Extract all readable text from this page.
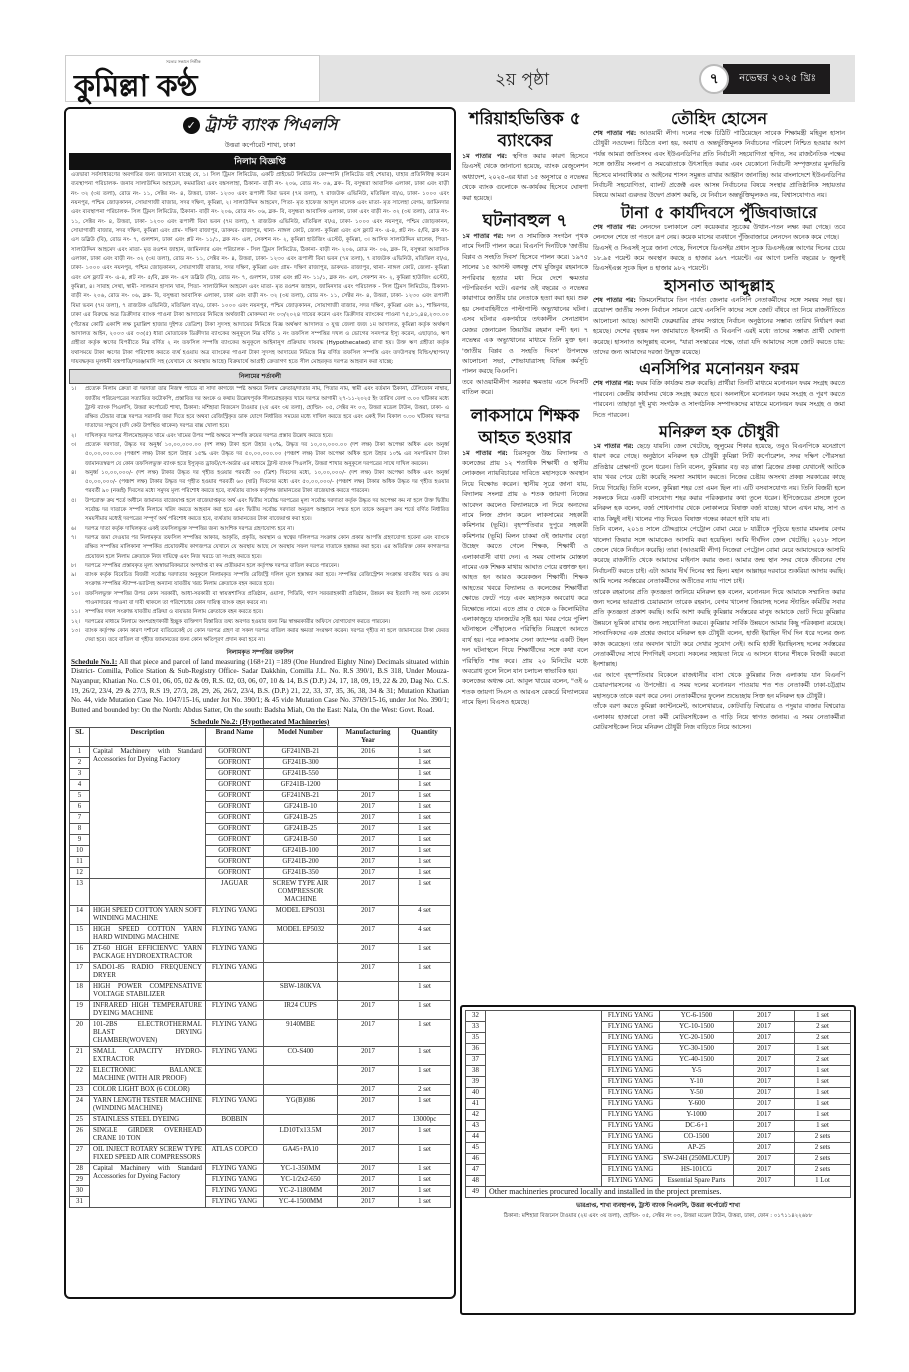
সত্যের সন্ধানে নির্ভীক
কুমিল্লা কণ্ঠ	২য় পৃষ্ঠা	৭	নভেম্বর ২০২৫ খ্রিঃ
✓ ট্রাস্ট ব্যাংক পিএলসি
উত্তরা কর্পোরেট শাখা, ঢাকা
নিলাম বিজ্ঞপ্তি
এতদ্বারা সর্বসাধারণের অবগতির জন্য জানানো যাচ্ছে যে, ১। সিল ট্রিমস লিমিটেড, একটি প্রাইভেট লিমিটেড কোম্পানি (লিমিটেড বাই শেয়ার), যাহার প্রতিনিধিত্ব করেন ব্যবস্থাপনা পরিচালক- জনাব সালাউদ্দিন আহমেদ, কমমারিয়া এবং বঙ্কসলাহা, ঠিকানা- বাড়ী নং- ২০৬, রোড নং- ০৬, ব্লক- বি, বসুন্ধরা আবাসিক এলাকা, ঢাকা এবং বাড়ী নং- ৩২ (৩য় তলা), রোড নং- ১১, সেক্টর নং- ৪, উত্তরা, ঢাকা- ১২৩০ এবং রূপালী বিমা ভবন (৭ম তলা), ৭ রাজউক এভিনিউ, মতিঝিল বা/এ, ঢাকা- ১০০০ এবং নয়নপুর, পশ্চিম জোড়কানন, সোয়াগাজী বাজার, সদর দক্ষিণ, কুমিল্লা, ২। সালাউদ্দিন আহমেদ, পিতা- মৃত হাফেজ আব্দুল মালেক এবং মাতা- মৃত সালেহা বেগম, জামিনদার এবং ব্যবস্থাপনা পরিচালক- সিল ট্রিমস লিমিটেড, ঠিকানা- বাড়ী নং- ২০৬, রোড নং- ০৬, ব্লক- বি, বসুন্ধরা আবাসিক এলাকা, ঢাকা এবং বাড়ী নং- ৩২ (৩য় তলা), রোড নং- ১১, সেক্টর নং- ৪, উত্তরা, ঢাকা- ১২৩০ এবং রূপালী বিমা ভবন (৭ম তলা), ৭ রাজউক এভিনিউ, মতিঝিল বা/এ, ঢাকা- ১০০০ এবং নয়নপুর, পশ্চিম জোড়কানন, সোয়াগাজী বাজার, সদর দক্ষিণ, কুমিল্লা এবং গ্রাম- দক্ষিণ রাজাপুর, ডাকঘর- রাজাপুর, থানা- নাঙ্গল কোট, জেলা- কুমিল্লা এবং এস ফ্ল্যাট নং- এ-৪, প্লট নং- ৫/বি, ব্লক নং- এস ডব্লিউ (বি), রোড নং- ৭, গুলশান, ঢাকা এবং প্লট নং- ১১/১, ব্লক নং- এল, সেকশন নং- ২, কুমিল্লা হাউজিং এস্টেট, কুমিল্লা, ৩। আসিফ সালাউদ্দিন মালেক, পিতা- সালাউদ্দিন আহমেদ এবং মাতা- মৃত রওশন জাহান, জামিনদার এবং পরিচালক - সিল ট্রিমস লিমিটেড, ঠিকানা- বাড়ী নং- ২০৬, রোড নং- ০৬, ব্লক- বি, বসুন্ধরা আবাসিক এলাকা, ঢাকা এবং বাড়ী নং- ৩২ (৩য় তলা), রোড নং- ১১, সেক্টর নং- ৪, উত্তরা, ঢাকা- ১২৩০ এবং রূপালী বিমা ভবন (৭ম তলা), ৭ রাজউক এভিনিউ, মতিঝিল বা/এ, ঢাকা- ১০০০ এবং নয়নপুর, পশ্চিম জোড়কানন, সোয়াগাজী বাজার, সদর দক্ষিণ, কুমিল্লা এবং গ্রাম- দক্ষিণ রাজাপুর, ডাকঘর- রাজাপুর, থানা- নাঙ্গল কোট, জেলা- কুমিল্লা এবং এস ফ্ল্যাট নং- এ-৪, প্লট নং- ৫/বি, ব্লক নং- এস ডব্লিউ (বি), রোড নং- ৭, গুলশান, ঢাকা এবং প্লট নং- ১১/১, ব্লক নং- এল, সেকশন নং- ২, কুমিল্লা হাউজিং এস্টেট, কুমিল্লা, ৪। সাবাহ সেথা, স্বামী- সালমান হাসান খান, পিতা- সালাউদ্দিন আহমেদ এবং মাতা- মৃত রওশন জাহান, জামিনদার এবং পরিচালক - সিল ট্রিমস লিমিটেড, ঠিকানা- বাড়ী নং- ২০৬, রোড নং- ০৬, ব্লক- বি, বসুন্ধরা আবাসিক এলাকা, ঢাকা এবং বাড়ী নং- ৩২ (৩য় তলা), রোড নং- ১১, সেক্টর নং- ৪, উত্তরা, ঢাকা- ১২৩০ এবং রূপালী বিমা ভবন (৭ম তলা), ৭ রাজউক এভিনিউ, মতিঝিল বা/এ, ঢাকা- ১০০০ এবং নয়নপুর, পশ্চিম জোড়কানন, সোয়াগাজী বাজার, সদর দক্ষিণ, কুমিল্লা এবং ৯১, শান্তিনগর, ঢাকা এর বিরুদ্ধে অত্র ডিক্রীদার ব্যাংক পাওনা টাকা আদায়ের নিমিত্তে অর্থজারী মোকদ্দমা নং ০৩/২০২৪ দায়ের করেন এবং ডিক্রীদার ব্যাংকের পাওনা ৭৫,৮১,৪৪,২৩৩.০০ (পঁচাত্তর কোটি একাশি লক্ষ চুয়াল্লিশ হাজার দুইশত তেত্রিশ) টাকা সুদসহ আদায়ের নিমিত্তে বিজ্ঞ অর্থঋণ আদালত ৩ যুগ্ম জেলা জজ ১ম আদালত, কুমিল্লা কর্তৃক অর্থঋণ আদালত আইন, ২০০৩ এর ৩৩(৫) ধারা মোতাবেক ডিক্রীদার ব্যাংকের অনুকূলে নিম্ন বর্ণিত ১ নং তফসিল সম্পত্তির দখল ও ভোগের সনদপত্র ইস্যু করেন, এছাড়াও, ঋণ গ্রহীতা কর্তৃক ঋণের বিপরীতে নিম্ন বর্ণিত ২ নং তফসিল সম্পত্তি ব্যাংকের অনুকূলে আইনানুগ প্রক্রিয়ায় দায়বদ্ধ (Hypothecated) রাখা হয়। উক্ত ঋণ গ্রহীতা কর্তৃক যথাসময়ে টাকা ঋণের টাকা পরিশোধ করতে ব্যর্থ হওয়ায় অত্র ব্যাংকের পাওনা টাকা সুদসহ আদায়ের নিমিত্তে নিম্ন বর্ণিত তফসিল সম্পত্তি এবং তদউপরস্থ বিল্ডিং/স্থাপনা/দায়বদ্ধকৃত মূলধনী যন্ত্রপাতি/সরঞ্জামাদি সহ (যেখানে যে অবস্থায় আছে) বিক্রয়ার্থে আগ্রহী ক্রেতাগণ হতে সীল মোহরকৃত দরপত্র আহবান করা যাচ্ছে:
নিলামের শর্তাবলী
১।	প্রত্যেক নিলাম ক্রেতা বা দরদাতা তার নিজস্ব প্যাডে বা সাদা কাগজে স্পষ্ট অক্ষরে নিলাম ক্রেতার/দাতার নাম, পিতার নাম, স্বামী এবং বর্তমান ঠিকানা, টেলিফোন নাম্বার, জাতীয় পরিচয়পত্রের সত্যায়িত ফটোকপি, প্রস্তাবিত দর অংকে ও কথায় উল্লেখপূর্বক সীলমোহরকৃত খামে দরপত্র আগামী ২৭-১১-২০২৫ ইং তারিখ বেলা ৩.০০ ঘটিকার মধ্যে ট্রাস্ট ব্যাংক পিএলসি, উত্তরা কর্পোরেট শাখা, ঠিকানা: মশিহারা বিজনেস টাওয়ার (২য় এবং ৩য় তলা), হোল্ডিং- ০৫, সেক্টর নং ০৩, উত্তরা মডেল টাউন, উত্তরা, ঢাকা- এ রক্ষিত টেন্ডার বাক্সে দরপত্র সরাসরি জমা দিতে হবে অথবা রেজিস্ট্রিকৃত ডাক যোগে নির্ধারিত সময়ের মধ্যে দাখিল করতে হবে এবং একই দিন বিকাল ৩.৩০ ঘটিকায় দরপত্র দাতাদের সম্মুখে (যদি কেউ উপস্থিত থাকেন) দরপত্র বাক্স খোলা হবে।
২।	দাখিলকৃত দরপত্র সীলমোহরকৃত খামে এবং খামের উপর স্পষ্ট অক্ষরে সম্পত্তি ক্রয়ের দরপত্র প্রস্তাব উল্লেখ করতে হবে।
৩।	প্রত্যেক দরদাতা, উদ্ধৃত দর অনুর্ধ্ব ১০,০০,০০০.০০ (দশ লক্ষ) টাকা হলে উহার ২০%, উদ্ধৃত দর ১০,০০,০০০.০০ (দশ লক্ষ) টাকা অপেক্ষা অধিক এবং অনুর্ধ্ব ৫০,০০,০০০.০০ (পঞ্চাশ লক্ষ) টাকা হলে উহার ১৫% এবং উদ্ধৃত দর ৫০,০০,০০০.০০ (পঞ্চাশ লক্ষ) টাকা অপেক্ষা অধিক হলে উহার ১০% এর সমপরিমাণ টাকা জামানতস্বরূপ যে কোন তফসিলভুক্ত ব্যাংক হতে ইস্যুকৃত ড্রাফট/পে-অর্ডার এর মাধ্যমে ট্রাস্ট ব্যাংক পিএলসি, উত্তরা শাখার অনুকূলে দরপত্রের সাথে দাখিল করবেন।
৪।	অনুর্ধ্ব ১০,০০,০০০/- (দশ লক্ষ) টাকার উদ্ধৃত দর গৃহীত হওয়ার পরবর্তী ৩০ (ত্রিশ) দিবসের মধ্যে, ১০,০০,০০০/- (দশ লক্ষ) টাকা অপেক্ষা অধিক এবং অনুর্ধ্ব ৫০,০০,০০০/- (পঞ্চাশ লক্ষ) টাকার উদ্ধৃত দর গৃহীত হওয়ার পরবর্তী ৬০ (ষাট) দিবসের মধ্যে এবং ৫০,০০,০০০/- (পঞ্চাশ লক্ষ) টাকার অধিক উদ্ধৃত দর গৃহীত হওয়ার পরবর্তী ৯০ (নব্বই) দিবসের মধ্যে সমুদয় মূল্য পরিশোধ করতে হবে, ব্যর্থতায় ব্যাংক কর্তৃপক্ষ জামানতের টাকা বাজেয়াপ্ত করতে পারবেন।
৫।	উপরোক্ত ক্রয় শর্তে অধীনে জামানত বাজেয়াপ্ত হলে বাজেয়াপ্তকৃত অর্থ এবং দ্বিতীয় সর্বোচ্চ দরপত্রের মূল্য সর্বোচ্চ দরদাতা কর্তৃক উদ্ধৃত দর অপেক্ষা কম না হলে উক্ত দ্বিতীয় সর্বোচ্চ দর দাতাকে সম্পত্তি নিলামে খরিদ করতে আহবান করা হবে এবং দ্বিতীয় সর্বোচ্চ দরদাতা অনুরূপ আহ্বানে সম্মত হলে তাকে অনুরূপ ক্রয় শর্তে বর্ণিত নির্ধারিত সময়সীমার মধ্যেই দরপত্রের সম্পূর্ণ অর্থ পরিশোধ করতে হবে, ব্যর্থতায় জামানতের টাকা বাজেয়াপ্ত করা হবে।
৬।	দরপত্র দাতা কর্তৃক দাখিলকৃত একই তফসিলভুক্ত সম্পত্তির জন্য আংশিক দরপত্র গ্রহণযোগ্য হবে না।
৭।	দরপত্র জমা দেওয়ার পর নিলামকৃত তফসিল সম্পত্তির আকার, আকৃতি, প্রকৃতি, অবস্থান ও স্বত্বের দলিলপত্র সংক্রান্ত কোন প্রকার আপত্তি গ্রহণযোগ্য হবেনা এবং ব্যাংকে রক্ষিত সম্পত্তির মালিকানা সম্পর্কিত প্রয়োজনীয় কাগজপত্র যেখানে যে অবস্থায় আছে সে অবস্থায় সফল দরপত্র দাতাকে হস্তান্তর করা হবে। এর অতিরিক্ত কোন কাগজপত্র প্রয়োজন হলে নিলাম ক্রেতাকে নিজ দায়িত্বে এবং নিজ খরচে তা সংগ্রহ করতে হবে।
৮।	দরপত্রে সম্পত্তির প্রস্তাবকৃত মূল্য অস্বাভাবিকভাবে অপর্যাপ্ত বা কম প্রতীয়মান হলে কর্তৃপক্ষ দরপত্র বাতিল করতে পারবেন।
৯।	ব্যাংক কর্তৃক বিবেচিত বিজয়ী সর্বোচ্চ দরদাতার অনুকূলে নিলামকৃত সম্পত্তি রেজিস্ট্রি দলিল মূলে হস্তান্তর করা হবে। সম্পত্তির রেজিস্ট্রেশন সংক্রান্ত যাবতীয় খরচ ও ক্রয় সংক্রান্ত সম্পত্তির স্ট্যাম্প-ভ্যাটসহ অন্যান্য যাবতীয় খরচ নিলাম ক্রেতাকে বহন করতে হবে।
১০। তফসিলভুক্ত সম্পত্তির উপর কোন সরকারী, আধা-সরকারী বা স্বায়ত্তশাসিত প্রতিষ্ঠান, ওয়াসা, পিডিবি, গ্যাস সরবরাহকারী প্রতিষ্ঠান, উন্নয়ন কর ইত্যাদি সহ অন্য যেকোন পাওনাদারের পাওনা বা দাবী থাকলে তা পরিশোধের কোন দায়িত্ব ব্যাংক বহন করবে না।
১১। সম্পত্তির দখল সংক্রান্ত যাবতীয় প্রক্রিয়া ও ব্যয়ভার নিলাম ক্রেতাকে বহন করতে হবে।
১২। দরপত্রের মাধ্যমে নিলামে অংশগ্রহণকারী ইচ্ছুক ব্যক্তিগণ বিস্তারিত তথ্য অবগত হওয়ার জন্য নিম্ন স্বাক্ষরকারীর অফিসে যোগাযোগ করতে পারবেন।
১৩। ব্যাংক কর্তৃপক্ষ কোন কারণ দর্শানো ব্যতিরেকেই যে কোন দরপত্র গ্রহণ বা সকল দরপত্র বাতিল করার ক্ষমতা সংরক্ষণ করেন। দরপত্র গৃহীত না হলে জামানতের টাকা ফেরত দেয়া হবে। তবে বাতিল বা গৃহীত জামানতের জন্য কোন ক্ষতিপূরণ প্রদান করা হবে না।
নিলামকৃত সম্পত্তির তফসিল
Schedule No.1: All that piece and parcel of land measuring (168+21) =189 (One Hundred Eighty Nine) Decimals situated within District- Comilla, Police Station & Sub-Registry Office- Sadar Dakkhin, Comilla J.L. No. R.S 390/1, B.S 318, Under Mouza- Nayanpur, Khatian No. C.S 01, 06, 05, 02 & 09, R.S. 02, 03, 06, 07, 10 & 14, B.S (D.P.) 24, 17, 18, 09, 19, 22 & 20, Dag No. C.S. 19, 26/2, 23/4, 29 & 27/3, R.S 19, 27/3, 28, 29, 26, 26/2, 23/4, B.S. (D.P.) 21, 22, 33, 37, 35, 36, 38, 34 & 31; Mutation Khatian No. 44, vide Mutation Case No. 1047/15-16, under Jot No. 390/1; & 45 vide Mutation Case No. 3769/15-16, under Jot No. 390/1; Butted and bounded by: On the North: Abdus Satter, On the south: Badsha Miah, On the East: Nala, On the West: Govt. Road.
Schedule No.2: (Hypothecated Machineries)
SL	Description	Brand Name	Model Number	Manufacturing Year	Quantity
1	Capital Machinery with Standard Accessories for Dyeing Factory	GOFRONT	GF241NB-21	2016	1 set
2		GOFRONT	GF241B-300		1 set
3		GOFRONT	GF241B-550		1 set
4		GOFRONT	GF241B-1200		1 set
5		GOFRONT	GF241NB-21	2017	1 set
6		GOFRONT	GF241B-10	2017	1 set
7		GOFRONT	GF241B-25	2017	1 set
8		GOFRONT	GF241B-25	2017	1 set
9		GOFRONT	GF241B-50	2017	1 set
10		GOFRONT	GF241B-100	2017	1 set
11		GOFRONT	GF241B-200	2017	1 set
12		GOFRONT	GF241B-350	2017	1 set
13		JAGUAR	SCREW TYPE AIR COMPRESSOR MACHINE	2017	1 set
14	HIGH SPEED COTTON YARN SOFT WINDING MACHINE	FLYING YANG	MODEL EPSO31	2017	4 set
15	HIGH SPEED COTTON YARN HARD WINDING MACHINE	FLYING YANG	MODEL EP5032	2017	4 set
16	ZT-60 HIGH EFFICIENVC YARN PACKAGE HYDROEXTRACTOR	FLYING YANG		2017	1 set
17	SADO1-85 RADIO FREQUENCY DRYER	FLYING YANG		2017	1 set
18	HIGH POWER COMPENSATIVE VOLTAGE STABILIZER		SBW-180KVA		1 set
19	INFRARED HIGH TEMPERATURE DYEING MACHINE	FLYING YANG	IR24 CUPS	2017	1 set
20	101-2BS ELECTROTHERMAL BLAST DRYING CHAMBER(WOVEN)	FLYING YANG	9140MBE	2017	1 set
21	SMALL CAPACITY HYDRO-EXTRACTOR	FLYING YANG	CO-S400	2017	1 set
22	ELECTRONIC BALANCE MACHINE (WITH AIR PROOF)			2017	1 set
23	COLOR LIGHT BOX (6 COLOR)			2017	2 set
24	YARN LENGTH TESTER MACHINE (WINDING MACHINE)	FLYING YANG	YG(B)086	2017	1 set
25	STAINLESS STEEL DYEING	BOBBIN		2017	13000pc
26	SINGLE GIRDER OVERHEAD CRANE 10 TON		LD10Tx13.5M	2017	1 set
27	OIL INJECT ROTARY SCREW TYPE FIXED SPEED AIR COMPRESSORS	ATLAS COPCO	GA45+PA10	2017	1 set
28	Capital Machinery with Standard Accessories for Dyeing Factory	FLYING YANG	YC-1-350MM	2017	1 set
29		FLYING YANG	YC-1/2x2-650	2017	1 set
30		FLYING YANG	YC-2-1180MM	2017	1 set
31		FLYING YANG	YC-4-1500MM	2017	1 set
শরিয়াহভিত্তিক ৫ ব্যাংকের
১ম পাতার পর: স্থগিত করার কারণ হিসেবে ডিএসই থেকে জানানো হয়েছে, ব্যাংক রেজুলেশন অধ্যাদেশ, ২০২৫-এর ধারা ১৫ অনুসারে ৫ নভেম্বর থেকে ব্যাংক গুলোকে অ-কার্যকর হিসেবে ঘোষণা করা হয়েছে।
ঘটনাবহুল ৭
১ম পাতার পর: দল ও সামাজিক সংগঠন পৃথক নামে দিনটি পালন করে। বিএনপি দিনটিকে 'জাতীয় বিপ্লব ও সংহতি দিবস' হিসেবে পালন করে। ১৯৭৫ সালের ১৫ আগস্ট বঙ্গবন্ধু শেখ মুজিবুর রহমানকে সপরিবার হত্যার মধ্য দিয়ে দেশে ক্ষমতার পটপরিবর্তন ঘটে। এরপর ওই বছরের ৩ নভেম্বর কারাগারে জাতীয় চার নেতাকে হত্যা করা হয়। শুরু হয় সেনাবাহিনীতে পাল্টাপাল্টি অভ্যুত্থানের ঘটনা। এসব ঘটনার একপর্যায়ে তৎকালীন সেনাপ্রধান মেজর জেনারেল জিয়াউর রহমান বন্দী হন। ৭ নভেম্বর এক অভ্যুত্থানের মাধ্যমে তিনি মুক্ত হন। 'জাতীয় বিপ্লব ও সংহতি দিবস' উপলক্ষে আলোচনা সভা, শোভাযাত্রাসহ বিভিন্ন কর্মসূচি পালন করছে বিএনপি।
তবে আওয়ামীলীগ সরকার ক্ষমতায় এসে দিবসটি বাতিল করে।
লাকসামে শিক্ষক আহত হওয়ার
১ম পাতার পর: চিরসবুজ উচ্চ বিদ্যালয় ও কলেজের প্রায় ১২ শতাধিক শিক্ষার্থী ও স্থানীয় লোকজন ন্যায়বিচারের দাবিতে মহাসড়কে অবস্থান নিয়ে বিক্ষোভ করেন। স্থানীয় সূত্রে জানা যায়, বিদ্যালয় সংলগ্ন প্রায় ৬ শতক জায়গা নিজের আবেদন করলেও বিদ্যালয়কে না দিয়ে অন্যদের নামে লিজ প্রদান করেন লাকসামের সহকারী কমিশনার (ভূমি)। বৃহস্পতিবার দুপুরে সহকারী কমিশনার (ভূমি) মিলন চাকমা ওই জায়গার বেড়া উচ্ছেদ করতে গেলে শিক্ষক, শিক্ষার্থী ও এলাকাবাসী বাধা দেন। এ সময় গোলাম মোস্তফা নামের এক শিক্ষক মাথায় আঘাত পেয়ে রক্তাক্ত হন। আহত হন আরও কয়েকজন শিক্ষার্থী। শিক্ষক আহতের খবরে বিদ্যালয় ও কলেজের শিক্ষার্থীরা ক্ষোভে ফেটে পড়ে এবং মহাসড়ক অবরোধ করে বিক্ষোভে নামে। এতে প্রায় ৫ থেকে ৬ কিলোমিটার এলাকাজুড়ে যানজটের সৃষ্টি হয়। খবর পেয়ে পুলিশ ঘটনাস্থলে পৌঁছালেও পরিস্থিতি নিয়ন্ত্রণে আনতে ব্যর্থ হয়। পরে লাকসাম সেনা ক্যাম্পের একটি টহল দল ঘটনাস্থলে গিয়ে শিক্ষার্থীদের সঙ্গে কথা বলে পরিস্থিতি শান্ত করে। প্রায় ২০ মিনিটের মধ্যে অবরোধ তুলে নিলে যান চলাচল স্বাভাবিক হয়।
কলেজের অধ্যক্ষ মো. আবুল খায়ের বলেন, "ওই ৬ শতক জায়গা সিএস ও আরএস রেকর্ডে বিদ্যালয়ের নামে ছিল। বিএসও হয়েছে।
তৌহিদ হোসেন
শেষ পাতার পর: আওয়ামী লীগ। দলের পক্ষে চিঠিটি পাঠিয়েছেন সাবেক শিক্ষামন্ত্রী মহিবুল হাসান চৌধুরী নওফেল। চিঠিতে বলা হয়, অবাধ ও অন্তর্ভুক্তিমূলক নির্বাচনের পরিবেশ নিশ্চিত হওয়ার আগ পর্যন্ত আমরা জাতিসংঘ এবং ইউএনডিপির প্রতি নির্বাচনী সহযোগিতা স্থগিত, সব রাজনৈতিক পক্ষের সঙ্গে জাতীয় সংলাপ ও সমঝোতাকে উৎসাহিত করার এবং যেকোনো নির্বাচনী সম্পৃক্ততার মূলভিত্তি হিসেবে মানবাধিকার ও আইনের শাসন সমুন্নত রাখার আহ্বান জানাচ্ছি। আর বাংলাদেশে ইউএনডিপির নির্বাচনী সহযোগিতা, ব্যালট প্রজেক্ট এবং আসন্ন নির্বাচনের বিষয়ে সংস্থার প্রাতিষ্ঠানিক সহায়তার বিষয়ে আমরা গুরুতর উদ্বেগ প্রকাশ করছি, যে নির্বাচন অন্তর্ভুক্তিমূলকও নয়, বিশ্বাসযোগ্যও নয়।
টানা ৫ কার্যদিবসে পুঁজিবাজারে
শেষ পাতার পর: লেনদেন চলাকালে বেশ কয়েকবার সূচকের উত্থান-পতন লক্ষ্য করা গেছে। তবে লেনদেন শেষে তা পতনে রূপ নেয়। কয়েক মাসের ব্যবধানে পুঁজিবাজারে লেনদেন অনেক কমে গেছে।
ডিএসই ও সিএসই সূত্রে জানা গেছে, দিনশেষে ডিএসইর প্রধান সূচক ডিএসইএক্স আগের দিনের চেয়ে ১৮.৯৫ পয়েন্ট কমে অবস্থান করছে ৪ হাজার ৯৬৭ পয়েন্টে। এর আগে চলতি বছরের ৮ জুলাই ডিএসইএক্স সূচক ছিল ৪ হাজার ৯৮২ পয়েন্টে।
হাসনাত আব্দুল্লাহ
শেষ পাতার পর: জিমনেশিয়ামে তিন পার্বত্য জেলার এনসিপি নেতাকর্মীদের সঙ্গে সমন্বয় সভা হয়। ত্রয়োদশ জাতীয় সংসদ নির্বাচন সামনে রেখে এনসিপি কাদের সঙ্গে জোট বাঁধবে তা নিয়ে রাজনীতিতে আলোচনা আছে। আগামী ফেব্রুয়ারির প্রথম সপ্তাহে নির্বাচন অনুষ্ঠানের সম্ভাব্য তারিখ নির্ধারণ করা হয়েছে। দেশের বৃহত্তম দল জামায়াতে ইসলামী ও বিএনপি এরই মধ্যে তাদের সম্ভাব্য প্রার্থী ঘোষণা করেছে। হাসনাত আব্দুল্লাহ বলেন, "যারা সংস্কারের পক্ষে, তারা যদি আমাদের সঙ্গে জোট করতে চায়: তাদের জন্য আমাদের দরজা উন্মুক্ত রয়েছে।
এনসিপির মনোনয়ন ফরম
শেষ পাতার পর: ফরম বিক্রি কার্যক্রম শুরু করেছি। প্রার্থীরা তিনটি মাধ্যমে মনোনয়ন ফরম সংগ্রহ করতে পারবেন। কেন্দ্রীয় কার্যালয় থেকে সংগ্রহ করতে হবে। অনলাইনে মনোনয়ন ফরম সংগ্রহ ও পূরণ করতে পারবেন। তাছাড়া দুই মুখ্য সংগঠক ও সাংগঠনিক সম্পাদকদের মাধ্যমে মনোনয়ন ফরম সংগ্রহ ও জমা দিতে পারবেন।
মনিরুল হক চৌধুরী
১ম পাতার পর: ছেড়ে যায়নি। জেল খেটেছে, জুলুমের শিকার হয়েছে, তবুও বিএনপিকে মনেপ্রাণে ধারণ করে গেছে। অনুষ্ঠানে মনিরুল হক চৌধুরী কুমিল্লা সিটি কর্পোরেশন, সদর দক্ষিণ পৌরসভা প্রতিষ্ঠার প্রেক্ষাপট তুলে ধরেন। তিনি বলেন, কুমিল্লার বড় বড় রাস্তা ব্রিজের প্রকল্প যেখানেই আটকে যায় খবর পেয়ে চেষ্টা করেছি সমস্যা সমাধান করতে। নিজের চেষ্টায় অসংখ্য প্রকল্প সরকারের কাছে নিয়ে গিয়েছি। তিনি বলেন, কুমিল্লা শহর তো এমন ছিল না। এটি বসবাসযোগ্য নয়। তিনি বিজয়ী হলে সকলকে নিয়ে একটি বাসযোগ্য শহর করার পরিকল্পনার কথা তুলে ধরেন। ইপিজেডের প্রসঙ্গে তুলে মনিরুল হক বলেন, বর্জ্য শোধনাগার থেকে লোকালয়ে বিষাক্ত বর্জ্য যাচ্ছে। খালে এখন মাছ, সাপ ও ব্যাঙ কিছুই নাই। খালের পাড় দিয়েও বিষাক্ত গন্ধের কারণে হাটা যায় না।
তিনি বলেন, ২০১৪ সালে চৌদ্দগ্রামে পেট্রোল বোমা মেরে ৮ যাত্রীকে পুড়িয়ে হত্যার মামলায় বেগম খালেদা জিয়ার সঙ্গে আমাকেও আসামি করা হয়েছিল। আমি দীর্ঘদিন জেল খেটেছি। ২০১৮ সালে জেলে থেকে নির্বাচন করেছি। তারা (আওয়ামী লীগ) নিজেরা পেট্রোল বোমা মেরে আমাদেরকে আসামি করেছে রাজনীতি থেকে আমাদের মাইনাস করার জন্য। আমার জন্ম স্থান সদর থেকে জীবনের শেষ নির্বাচনটি করতে চাই। এটা আমার দীর্ঘ দিনের স্বপ্ন ছিল। মহান আল্লাহর দরবারে শুকরিয়া আদায় করছি। আমি দলের সর্বস্তরের নেতাকর্মীদের অতীতের ন্যায় পাশে চাই।
তারেক রহমানের প্রতি কৃতজ্ঞতা জানিয়ে মনিরুল হক বলেন, মনোনয়ন দিয়ে আমাকে সম্মানিত করার জন্য দলের ভারপ্রাপ্ত চেয়ারম্যান তারেক রহমান, বেগম খালেদা জিয়াসহ দলের স্ট্যান্ডিং কমিটির সবার প্রতি কৃতজ্ঞতা প্রকাশ করছি। আমি আশা করছি কুমিল্লার সর্বস্তরের মানুষ আমাকে ভোট দিয়ে কুমিল্লার উন্নয়নে ভূমিকা রাখার জন্য সহযোগিতা করবে। কুমিল্লার সার্বিক উন্নয়নে আমার কিছু পরিকল্পনা রয়েছে। সাংবাদিকদের এক প্রশ্নের জবাবে মনিরুল হক চৌধুরী বলেন, হাজী ইয়াছিন দীর্ঘ দিন ধরে দলের জন্য কাজ করেছেন। তার অবদান খাটো করে দেখার সুযোগ নেই। আমি হাজী ইয়াছিনসহ দলের সর্বস্তরের নেতাকর্মীদের সাথে শিগগিরই বসবো। সকলের সহায়তা নিয়ে এ আসনে ধানের শীষকে বিজয়ী করবো ইনশাল্লাহ।
এর আগে বৃহস্পতিবার বিকেলে রাজধানীর বাসা থেকে কুমিল্লার নিজ এলাকায় যান বিএনপি চেয়ারপারসনের এ উপদেষ্টা। এ সময় দলের মনোনয়ন পাওয়ায় শত শত নেতাকর্মী ঢাকা-চট্টগ্রাম মহাসড়কে তাকে বরণ করে নেন। নেতাকর্মীদের ফুলেল শুভেচ্ছায় সিক্ত হন মনিরুল হক চৌধুরী।
তাঁকে বরণ করতে কুমিল্লা ক্যান্টনমেন্ট, আলেখারচর, কোটবাড়ি বিশ্বরোড ও পদুয়ার বাজার বিশ্বরোড এলাকায় হাজারো নেতা কর্মী মোটরসাইকেল ও গাড়ি নিয়ে স্বাগত জানায়। এ সময় নেতাকর্মীরা মোটরসাইকেল নিয়ে মনিরুল চৌধুরী নিজ বাড়িতে নিয়ে আসেন।
32		FLYING YANG	YC-6-1500	2017	1 set
33		FLYING YANG	YC-10-1500	2017	2 set
35		FLYING YANG	YC-20-1500	2017	2 set
36		FLYING YANG	YC-30-1500	2017	1 set
37		FLYING YANG	YC-40-1500	2017	2 set
38		FLYING YANG	Y-5	2017	1 set
39		FLYING YANG	Y-10	2017	1 set
40		FLYING YANG	Y-50	2017	1 set
41		FLYING YANG	Y-600	2017	1 set
42		FLYING YANG	Y-1000	2017	1 set
43		FLYING YANG	DC-6+1	2017	1 set
44		FLYING YANG	CO-1500	2017	2 sets
45		FLYING YANG	AP-25	2017	2 sets
46		FLYING YANG	SW-24H (250ML/CUP)	2017	2 sets
47		FLYING YANG	HS-101CG	2017	2 sets
48		FLYING YANG	Essential Spare Parts	2017	1 Lot
49	Other machineries procured locally and installed in the project premises.				
ভারপ্রাপ্ত, শাখা ব্যবস্থাপক, ট্রাস্ট ব্যাংক পিএলসি, উত্তরা কর্পোরেট শাখা
ঠিকানা: মশিহারা বিজনেস টাওয়ার (২য় এবং ৩য় তলা), হোল্ডিং- ০৫, সেক্টর নং ০৩, উত্তরা মডেল টাউন, উত্তরা, ঢাকা, ফোন : ০১৭১১৪২২৬৮৮
